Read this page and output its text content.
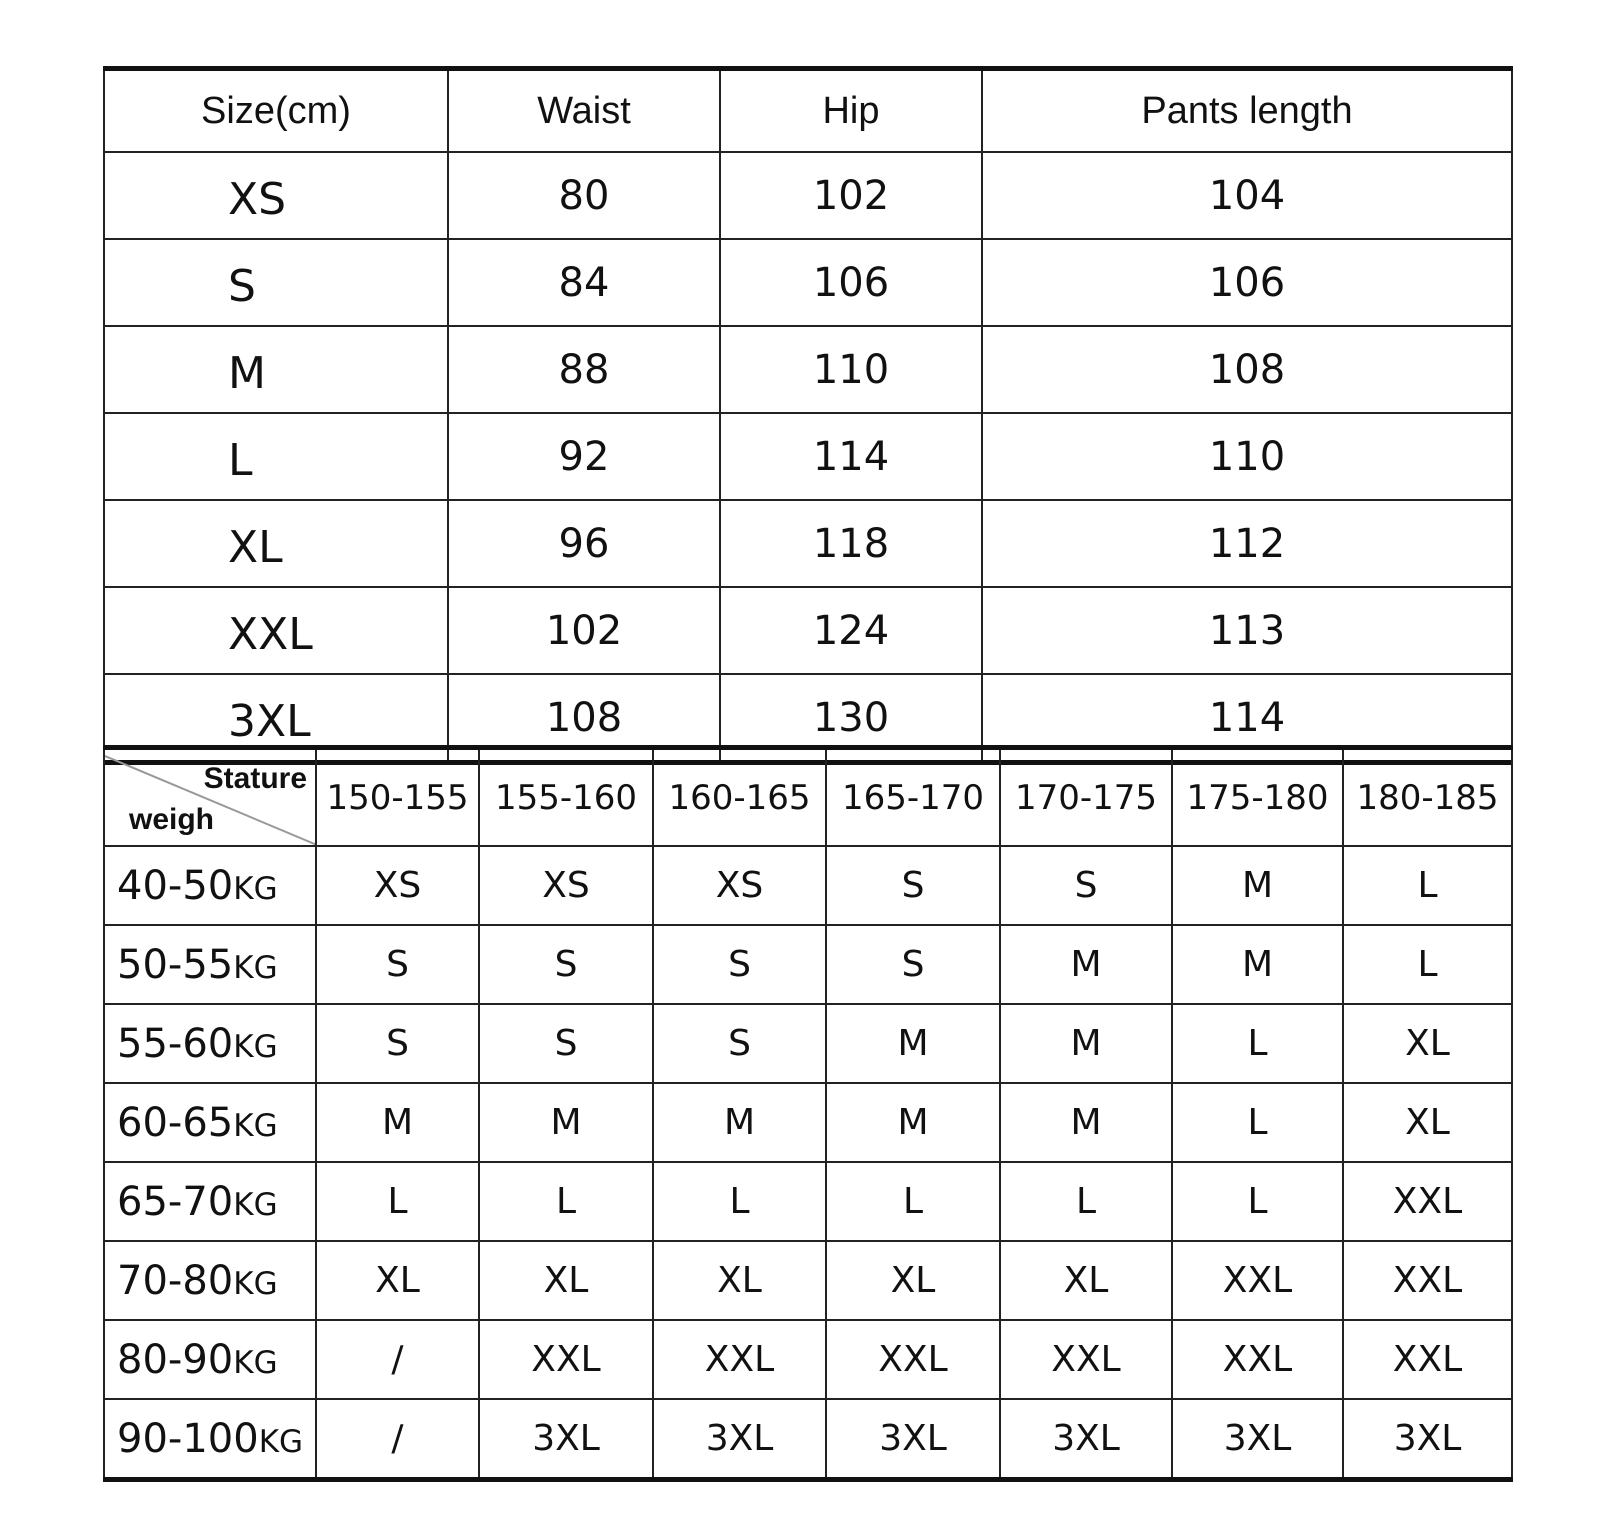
Size(cm)	Waist	Hip	Pants length
XS	80	102	104
S	84	106	106
M	88	110	108
L	92	114	110
XL	96	118	112
XXL	102	124	113
3XL	108	130	114
Stature
weigh	150-155	155-160	160-165	165-170	170-175	175-180	180-185
40-50KG	XS	XS	XS	S	S	M	L
50-55KG	S	S	S	S	M	M	L
55-60KG	S	S	S	M	M	L	XL
60-65KG	M	M	M	M	M	L	XL
65-70KG	L	L	L	L	L	L	XXL
70-80KG	XL	XL	XL	XL	XL	XXL	XXL
80-90KG	/	XXL	XXL	XXL	XXL	XXL	XXL
90-100KG	/	3XL	3XL	3XL	3XL	3XL	3XL
